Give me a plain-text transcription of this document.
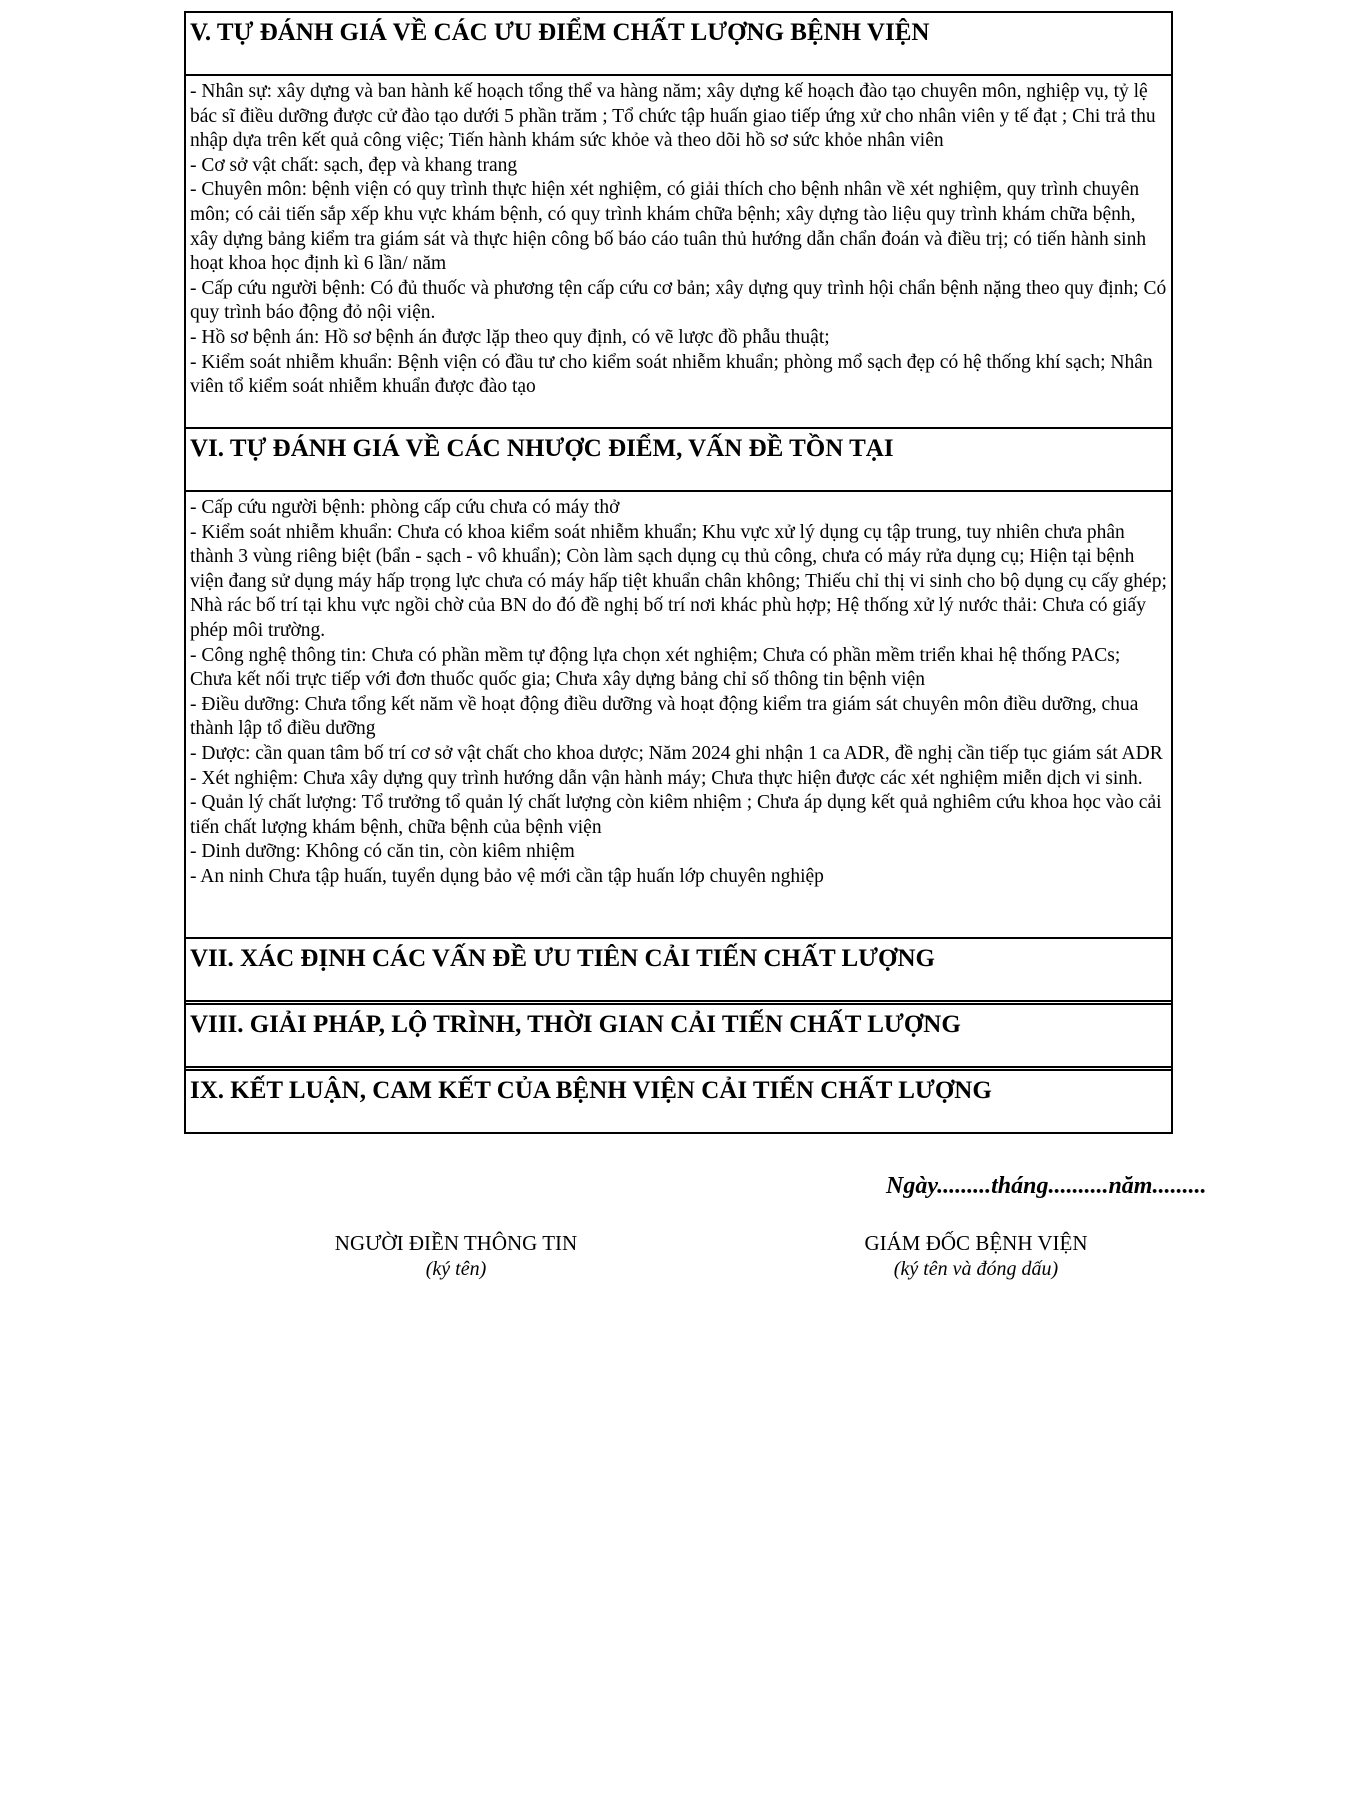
V. TỰ ĐÁNH GIÁ VỀ CÁC ƯU ĐIỂM CHẤT LƯỢNG BỆNH VIỆN
- Nhân sự: xây dựng và ban hành kế hoạch tổng thể va hàng năm; xây dựng kế hoạch đào tạo chuyên môn, nghiệp vụ, tỷ lệ bác sĩ điều dưỡng được cử đào tạo dưới 5 phần trăm ; Tổ chức tập huấn giao tiếp ứng xử cho nhân viên y tế đạt ; Chi trả thu nhập dựa trên kết quả công việc; Tiến hành khám sức khỏe và theo dõi hồ sơ sức khỏe nhân viên
- Cơ sở vật chất: sạch, đẹp và khang trang
- Chuyên môn: bệnh viện có quy trình thực hiện xét nghiệm, có giải thích cho bệnh nhân về xét nghiệm, quy trình chuyên môn; có cải tiến sắp xếp khu vực khám bệnh, có quy trình khám chữa bệnh; xây dựng tào liệu quy trình khám chữa bệnh, xây dựng bảng kiểm tra giám sát và thực hiện công bố báo cáo tuân thủ hướng dẫn chẩn đoán và điều trị; có tiến hành sinh hoạt khoa học định kì 6 lần/ năm
- Cấp cứu người bệnh: Có đủ thuốc và phương tện cấp cứu cơ bản; xây dựng quy trình hội chẩn bệnh nặng theo quy định; Có quy trình báo động đỏ nội viện.
- Hồ sơ bệnh án: Hồ sơ bệnh án được lặp theo quy định, có vẽ lược đồ phẫu thuật;
- Kiểm soát nhiễm khuẩn: Bệnh viện có đầu tư cho kiểm soát nhiễm khuẩn; phòng mổ sạch đẹp có hệ thống khí sạch; Nhân viên tổ kiểm soát nhiễm khuẩn được đào tạo
VI. TỰ ĐÁNH GIÁ VỀ CÁC NHƯỢC ĐIỂM, VẤN ĐỀ TỒN TẠI
- Cấp cứu người bệnh: phòng cấp cứu chưa có máy thở
- Kiểm soát nhiễm khuẩn: Chưa có khoa kiểm soát nhiễm khuẩn; Khu vực xử lý dụng cụ tập trung, tuy nhiên chưa phân thành 3 vùng riêng biệt (bẩn - sạch - vô khuẩn); Còn làm sạch dụng cụ thủ công, chưa có máy rửa dụng cụ; Hiện tại bệnh viện đang sử dụng máy hấp trọng lực chưa có máy hấp tiệt khuẩn chân không; Thiếu chỉ thị vi sinh cho bộ dụng cụ cấy ghép; Nhà rác bố trí tại khu vực ngồi chờ của BN do đó đề nghị bố trí nơi khác phù hợp; Hệ thống xử lý nước thải: Chưa có giấy phép môi trường.
- Công nghệ thông tin: Chưa có phần mềm tự động lựa chọn xét nghiệm; Chưa có phần mềm triển khai hệ thống PACs; Chưa kết nối trực tiếp với đơn thuốc quốc gia; Chưa xây dựng bảng chỉ số thông tin bệnh viện
- Điều dưỡng: Chưa tổng kết năm về hoạt động điều dưỡng và hoạt động kiểm tra giám sát chuyên môn điều dưỡng, chua thành lập tổ điều dưỡng
- Dược: cần quan tâm bố trí cơ sở vật chất cho khoa dược; Năm 2024 ghi nhận 1 ca ADR, đề nghị cần tiếp tục giám sát ADR
- Xét nghiệm: Chưa xây dựng quy trình hướng dẫn vận hành máy; Chưa thực hiện được các xét nghiệm miễn dịch vi sinh.
- Quản lý chất lượng: Tổ trưởng tổ quản lý chất lượng còn kiêm nhiệm ; Chưa áp dụng kết quả nghiêm cứu khoa học vào cải tiến chất lượng khám bệnh, chữa bệnh của bệnh viện
- Dinh dưỡng: Không có căn tin, còn kiêm nhiệm
- An ninh Chưa tập huấn, tuyển dụng bảo vệ mới cần tập huấn lớp chuyên nghiệp
VII. XÁC ĐỊNH CÁC VẤN ĐỀ ƯU TIÊN CẢI TIẾN CHẤT LƯỢNG
VIII. GIẢI PHÁP, LỘ TRÌNH, THỜI GIAN CẢI TIẾN CHẤT LƯỢNG
IX. KẾT LUẬN, CAM KẾT CỦA BỆNH VIỆN CẢI TIẾN CHẤT LƯỢNG
Ngày.........tháng..........năm.........
NGƯỜI ĐIỀN THÔNG TIN
(ký tên)
GIÁM ĐỐC BỆNH VIỆN
(ký tên và đóng dấu)
